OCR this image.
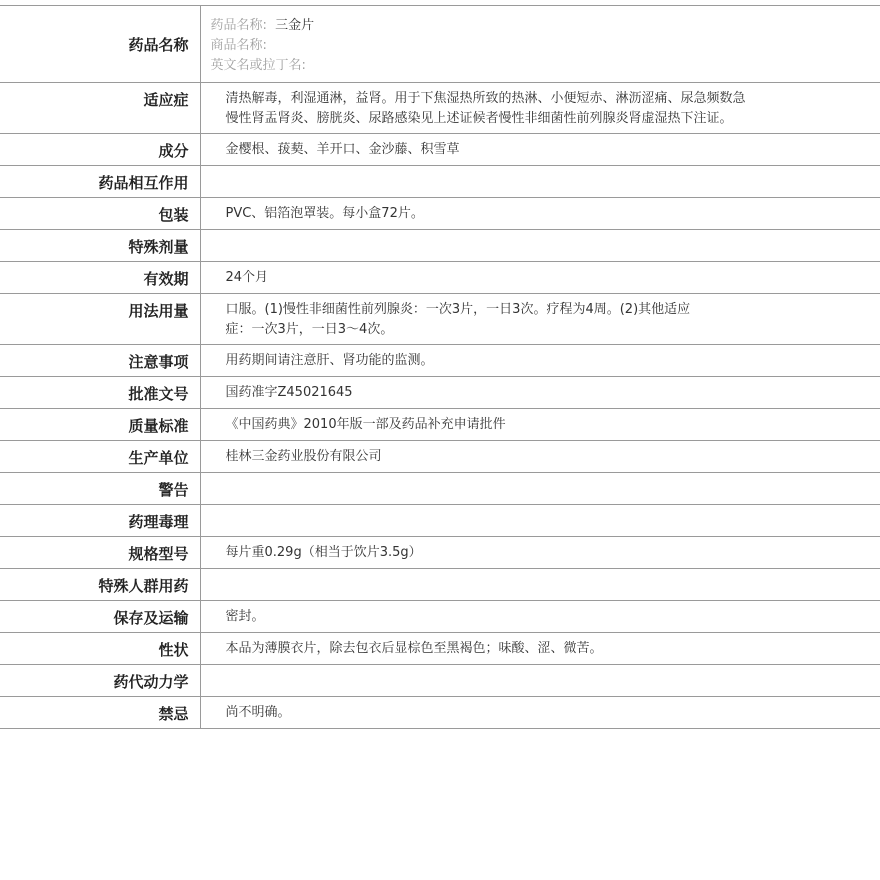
药品名称	药品名称: 三金片
商品名称:
英文名或拉丁名:

适应症	清热解毒，利湿通淋，益肾。用于下焦湿热所致的热淋、小便短赤、淋沥涩痛、尿急频数急
慢性肾盂肾炎、膀胱炎、尿路感染见上述证候者慢性非细菌性前列腺炎肾虚湿热下注证。

成分	金樱根、菝葜、羊开口、金沙藤、积雪草

药品相互作用	

包装	PVC、铝箔泡罩装。每小盒72片。

特殊剂量	

有效期	24个月

用法用量	口服。(1)慢性非细菌性前列腺炎：一次3片，一日3次。疗程为4周。(2)其他适应
症：一次3片，一日3～4次。

注意事项	用药期间请注意肝、肾功能的监测。

批准文号	国药准字Z45021645

质量标准	《中国药典》2010年版一部及药品补充申请批件

生产单位	桂林三金药业股份有限公司

警告	

药理毒理	

规格型号	每片重0.29g（相当于饮片3.5g）

特殊人群用药	

保存及运输	密封。

性状	本品为薄膜衣片，除去包衣后显棕色至黑褐色；味酸、涩、微苦。

药代动力学	

禁忌	尚不明确。
